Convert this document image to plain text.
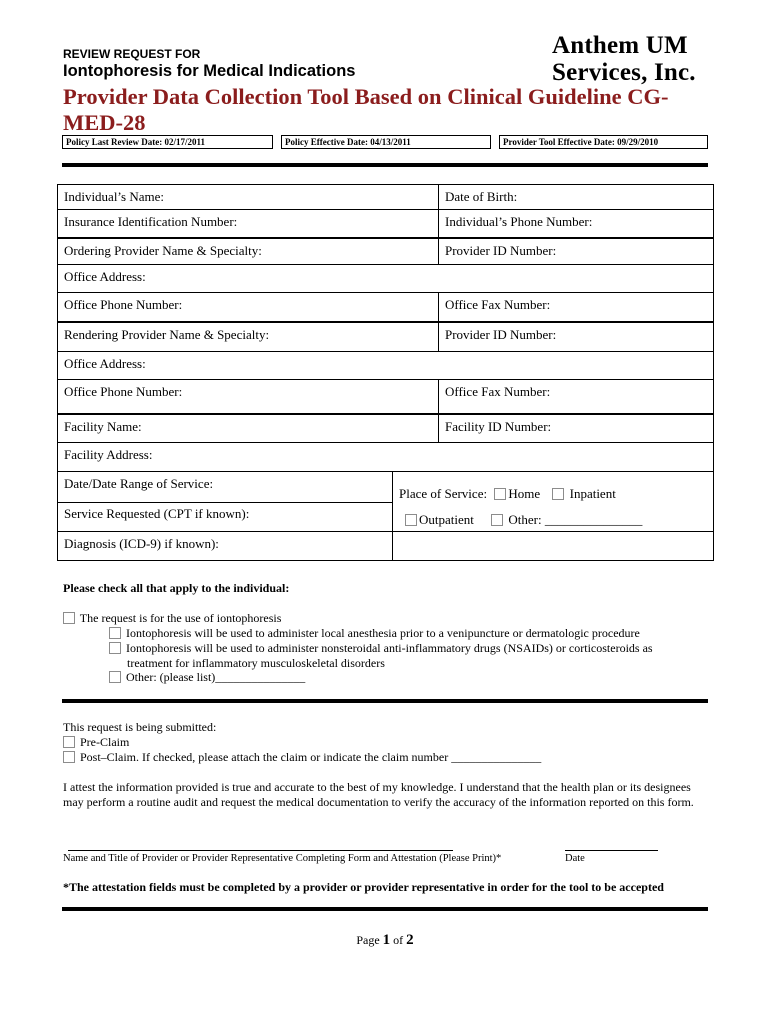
REVIEW REQUEST FOR
Iontophoresis for Medical Indications
Anthem UM
Services, Inc.
Provider Data Collection Tool Based on Clinical Guideline CG-MED-28
Policy Last Review Date: 02/17/2011	Policy Effective Date: 04/13/2011	Provider Tool Effective Date: 09/29/2010
Individual’s Name:	Date of Birth:
Insurance Identification Number:	Individual’s Phone Number:
Ordering Provider Name & Specialty:	Provider ID Number:
Office Address:
Office Phone Number:	Office Fax Number:
Rendering Provider Name & Specialty:	Provider ID Number:
Office Address:
Office Phone Number:	Office Fax Number:
Facility Name:	Facility ID Number:
Facility Address:
Date/Date Range of Service:
Service Requested (CPT if known):
Place of Service: Home Inpatient
Outpatient	Other: _______________
Diagnosis (ICD-9) if known):
Please check all that apply to the individual:
The request is for the use of iontophoresis
Iontophoresis will be used to administer local anesthesia prior to a venipuncture or dermatologic procedure
Iontophoresis will be used to administer nonsteroidal anti-inflammatory drugs (NSAIDs) or corticosteroids as
treatment for inflammatory musculoskeletal disorders
Other: (please list)_______________
This request is being submitted:
Pre-Claim
Post–Claim. If checked, please attach the claim or indicate the claim number _______________
I attest the information provided is true and accurate to the best of my knowledge. I understand that the health plan or its designees may perform a routine audit and request the medical documentation to verify the accuracy of the information reported on this form.
Name and Title of Provider or Provider Representative Completing Form and Attestation (Please Print)*	Date
*The attestation fields must be completed by a provider or provider representative in order for the tool to be accepted
Page 1 of 2
